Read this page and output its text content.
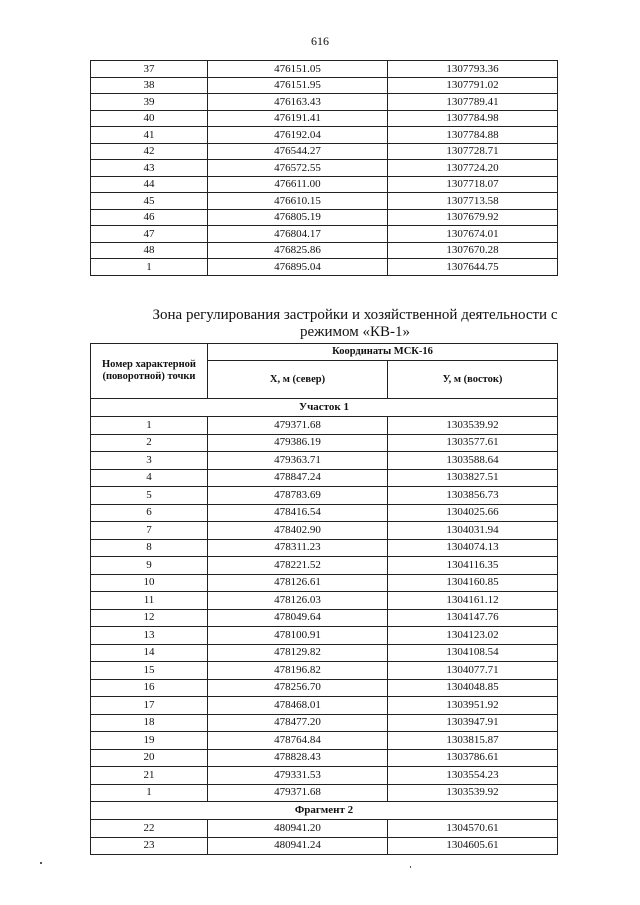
616
37	476151.05	1307793.36
38	476151.95	1307791.02
39	476163.43	1307789.41
40	476191.41	1307784.98
41	476192.04	1307784.88
42	476544.27	1307728.71
43	476572.55	1307724.20
44	476611.00	1307718.07
45	476610.15	1307713.58
46	476805.19	1307679.92
47	476804.17	1307674.01
48	476825.86	1307670.28
1	476895.04	1307644.75
Зона регулирования застройки и хозяйственной деятельности с
режимом «КВ-1»
Номер характерной (поворотной) точки	Координаты МСК-16	
	Х, м (север)	У, м (восток)
Участок 1		
1	479371.68	1303539.92
2	479386.19	1303577.61
3	479363.71	1303588.64
4	478847.24	1303827.51
5	478783.69	1303856.73
6	478416.54	1304025.66
7	478402.90	1304031.94
8	478311.23	1304074.13
9	478221.52	1304116.35
10	478126.61	1304160.85
11	478126.03	1304161.12
12	478049.64	1304147.76
13	478100.91	1304123.02
14	478129.82	1304108.54
15	478196.82	1304077.71
16	478256.70	1304048.85
17	478468.01	1303951.92
18	478477.20	1303947.91
19	478764.84	1303815.87
20	478828.43	1303786.61
21	479331.53	1303554.23
1	479371.68	1303539.92
Фрагмент 2		
22	480941.20	1304570.61
23	480941.24	1304605.61
